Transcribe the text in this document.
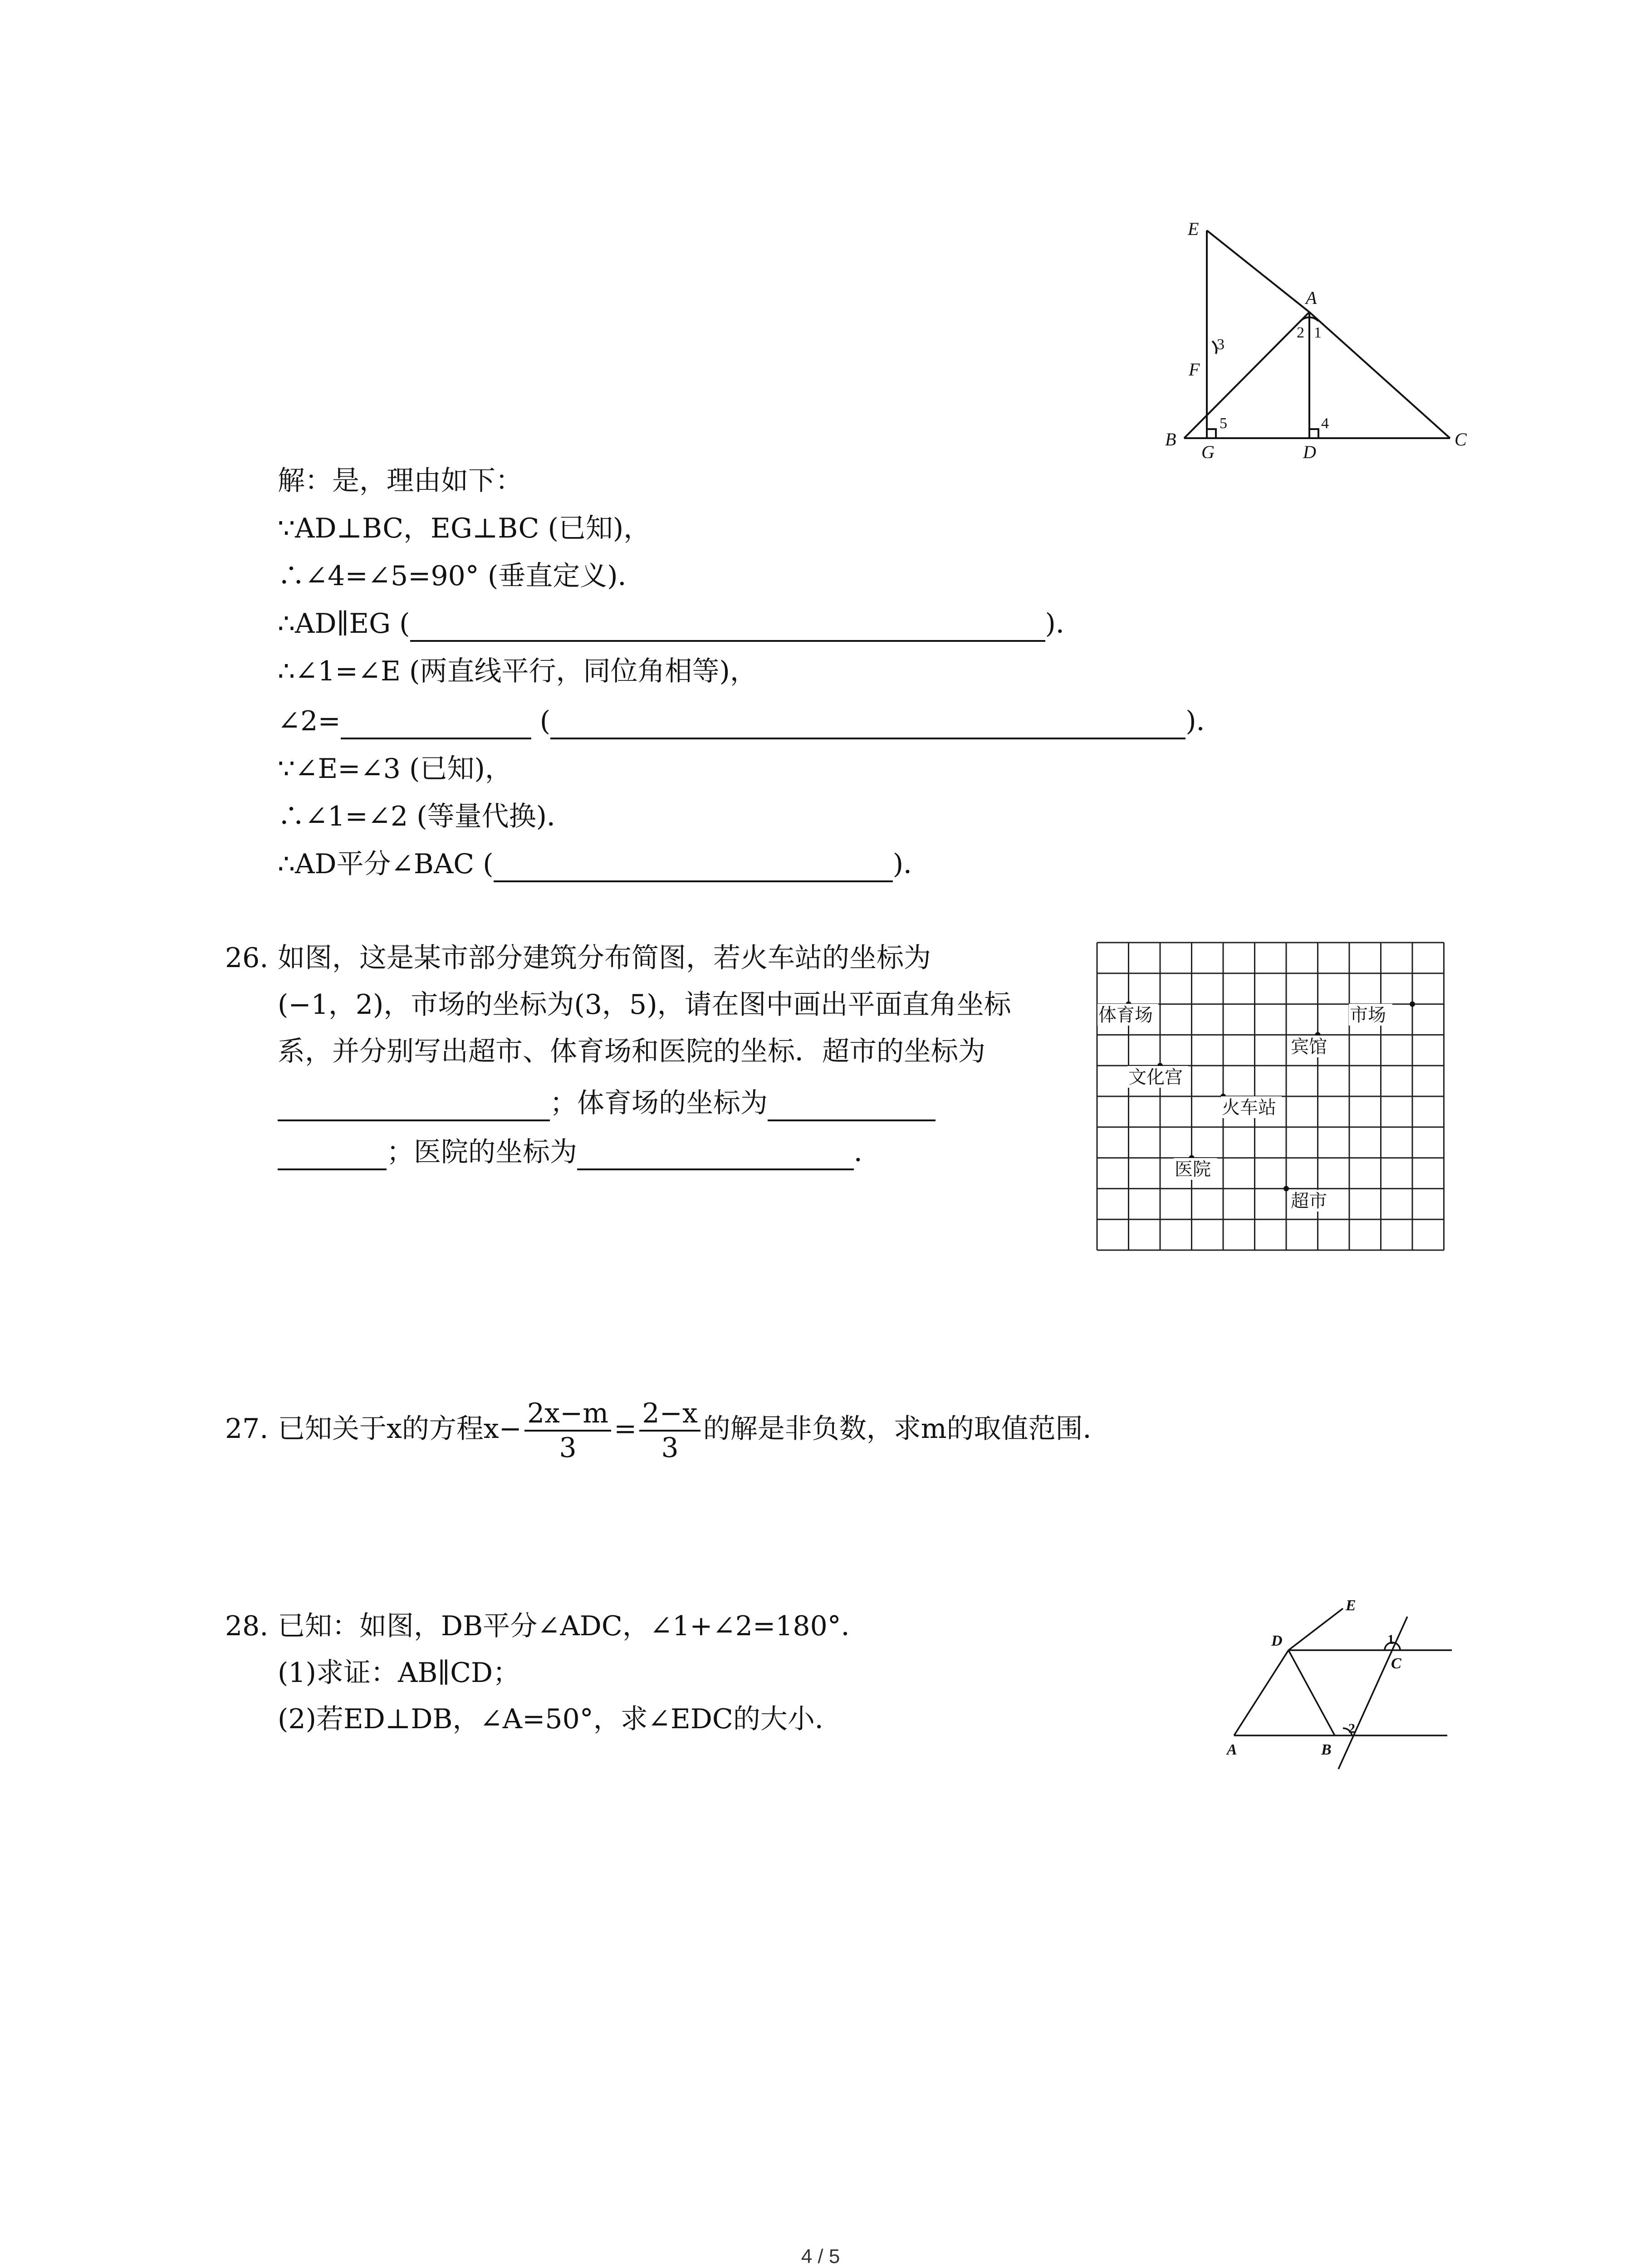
E
A
F
B
G	D
C
1
2
3
4
5
解：是，理由如下：
∵AD⊥BC，EG⊥BC (已知)，
∴∠4=∠5=90° (垂直定义)．
∴AD∥EG (	)．
∴∠1=∠E (两直线平行，同位角相等)，
∠2=	(	)．
∵∠E=∠3 (已知)，
∴∠1=∠2 (等量代换)．
∴AD平分∠BAC (	)．
26. 如图，这是某市部分建筑分布简图，若火车站的坐标为
(−1，2)，市场的坐标为(3，5)，请在图中画出平面直角坐标
系，并分别写出超市、体育场和医院的坐标．超市的坐标为
；体育场的坐标为
；医院的坐标为	．
体育场	市场
宾馆
文化宫
火车站
医院
超市
27. 已知关于x的方程$x- \frac{2x-m}{3} = \frac{2-x}{3}$ 的解是非负数，求m的取值范围．
28. 已知：如图，DB平分∠ADC，∠1+∠2=180°．
(1)求证：AB∥CD；
(2)若ED⊥DB，∠A=50°，求∠EDC的大小．
E
D
C
A	B
1
2
4 / 5
